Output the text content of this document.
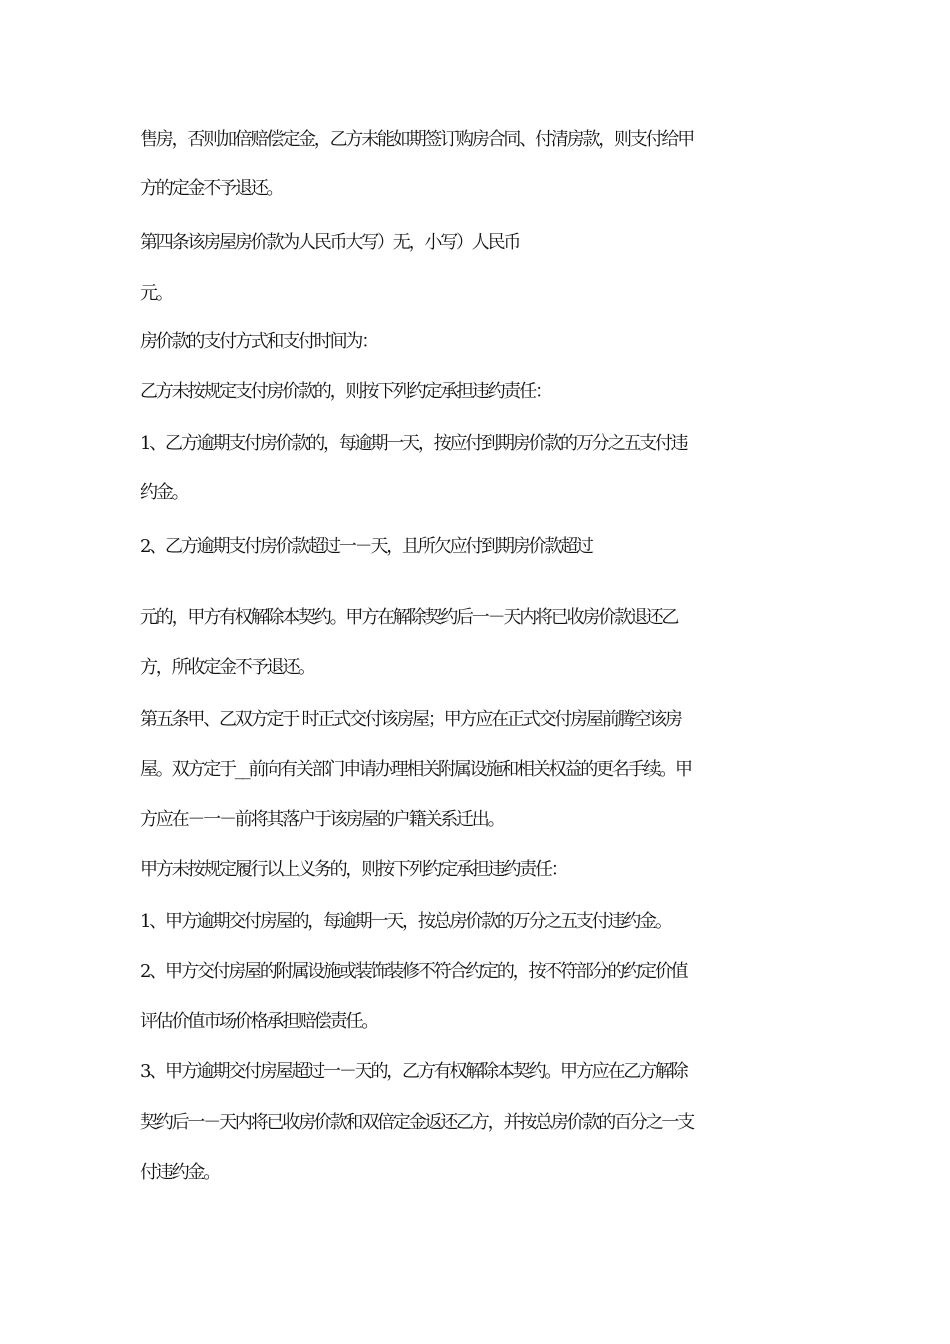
售房，否则加倍赔偿定金，乙方未能如期签订购房合同、付清房款，则支付给甲
方的定金不予退还。
第四条该房屋房价款为人民币大写）无，小写）人民币
元。
房价款的支付方式和支付时间为：
乙方未按规定支付房价款的，则按下列约定承担违约责任：
1、乙方逾期支付房价款的，每逾期一天，按应付到期房价款的万分之五支付违
约金。
2、乙方逾期支付房价款超过一－天，且所欠应付到期房价款超过
元的，甲方有权解除本契约。甲方在解除契约后一－天内将已收房价款退还乙
方，所收定金不予退还。
第五条甲、乙双方定于 时正式交付该房屋；甲方应在正式交付房屋前腾空该房
屋。双方定于__前向有关部门申请办理相关附属设施和相关权益的更名手续。甲
方应在－一－前将其落户于该房屋的户籍关系迁出。
甲方未按规定履行以上义务的，则按下列约定承担违约责任：
1、甲方逾期交付房屋的，每逾期一天，按总房价款的万分之五支付违约金。
2、甲方交付房屋的附属设施或装饰装修不符合约定的，按不符部分的约定价值
评估价值市场价格承担赔偿责任。
3、甲方逾期交付房屋超过一－天的，乙方有权解除本契约。甲方应在乙方解除
契约后一－天内将已收房价款和双倍定金返还乙方，并按总房价款的百分之一支
付违约金。
